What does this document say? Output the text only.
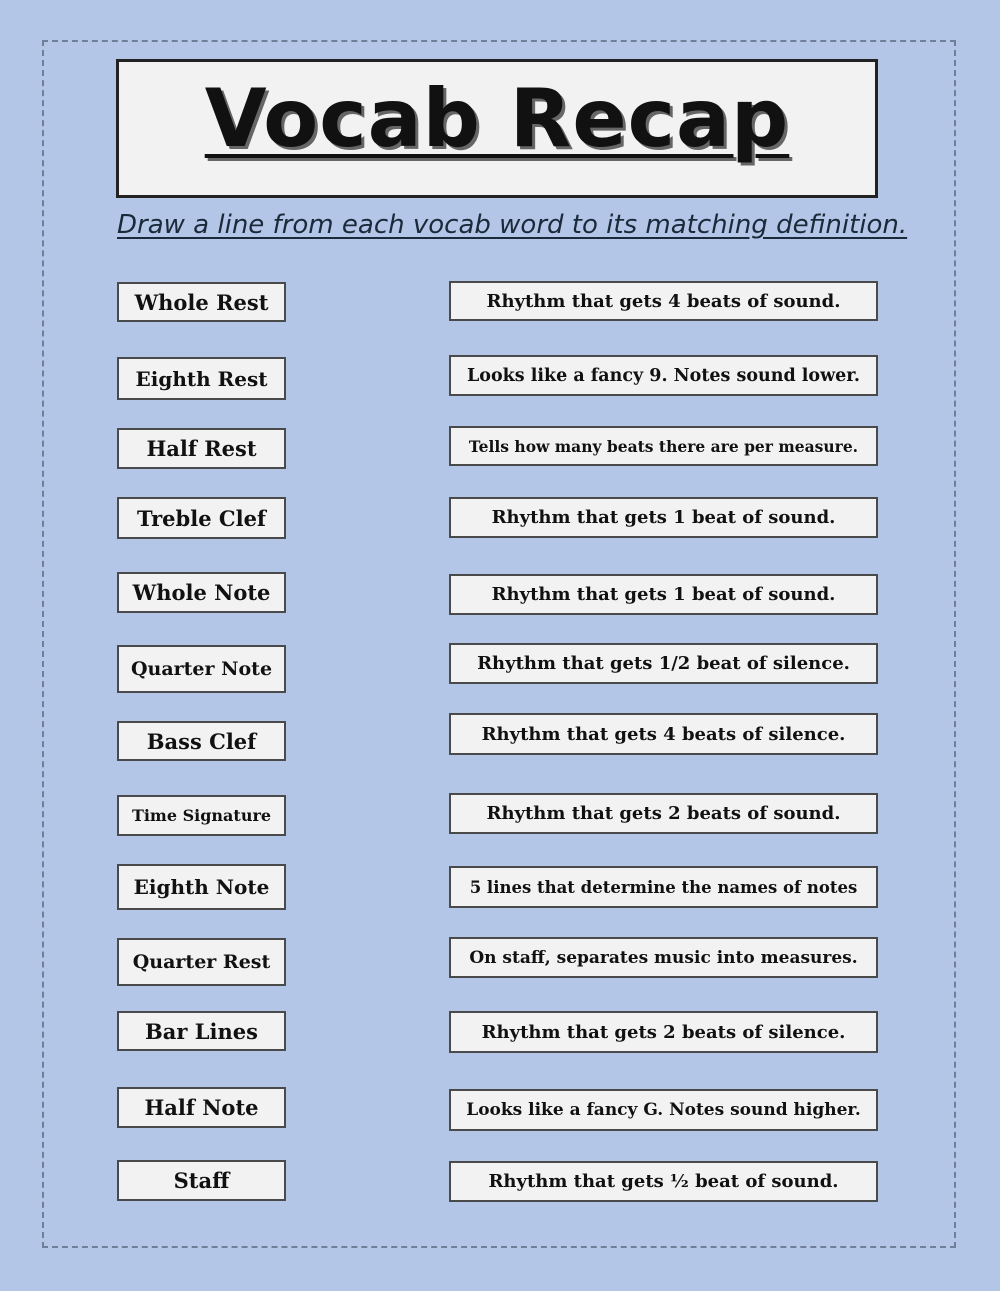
Vocab Recap
Draw a line from each vocab word to its matching definition.
Whole Rest
Eighth Rest
Half Rest
Treble Clef
Whole Note
Quarter Note
Bass Clef
Time Signature
Eighth Note
Quarter Rest
Bar Lines
Half Note
Staff
Rhythm that gets 4 beats of sound.
Looks like a fancy 9. Notes sound lower.
Tells how many beats there are per measure.
Rhythm that gets 1 beat of sound.
Rhythm that gets 1 beat of sound.
Rhythm that gets 1/2 beat of silence.
Rhythm that gets 4 beats of silence.
Rhythm that gets 2 beats of sound.
5 lines that determine the names of notes
On staff, separates music into measures.
Rhythm that gets 2 beats of silence.
Looks like a fancy G. Notes sound higher.
Rhythm that gets ½ beat of sound.
